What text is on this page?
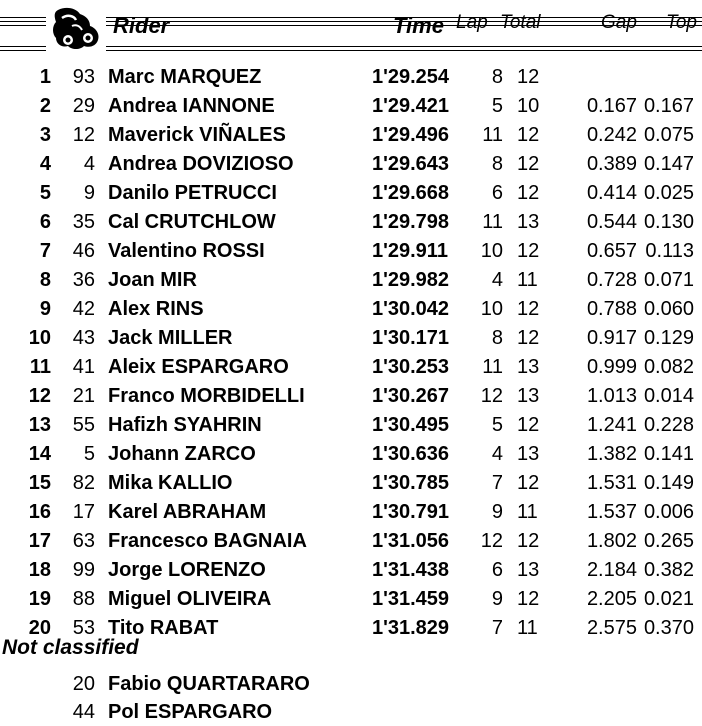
Rider	Time Lap Total	Gap Top
1 93 Marc MARQUEZ	1'29.254 8 12
2 29 Andrea IANNONE	1'29.421 5 10 0.167 0.167
3 12 Maverick VIÑALES	1'29.496 11 12 0.242 0.075
4 4 Andrea DOVIZIOSO	1'29.643 8 12 0.389 0.147
5 9 Danilo PETRUCCI	1'29.668 6 12 0.414 0.025
6 35 Cal CRUTCHLOW	1'29.798 11 13 0.544 0.130
7 46 Valentino ROSSI	1'29.911 10 12 0.657 0.113
8 36 Joan MIR	1'29.982 4 11 0.728 0.071
9 42 Alex RINS	1'30.042 10 12 0.788 0.060
10 43 Jack MILLER	1'30.171 8 12 0.917 0.129
11 41 Aleix ESPARGARO	1'30.253 11 13 0.999 0.082
12 21 Franco MORBIDELLI	1'30.267 12 13 1.013 0.014
13 55 Hafizh SYAHRIN	1'30.495 5 12 1.241 0.228
14 5 Johann ZARCO	1'30.636 4 13 1.382 0.141
15 82 Mika KALLIO	1'30.785 7 12 1.531 0.149
16 17 Karel ABRAHAM	1'30.791 9 11 1.537 0.006
17 63 Francesco BAGNAIA	1'31.056 12 12 1.802 0.265
18 99 Jorge LORENZO	1'31.438 6 13 2.184 0.382
19 88 Miguel OLIVEIRA	1'31.459 9 12 2.205 0.021
20 53 Tito RABAT	1'31.829 7 11 2.575 0.370
Not classified
20 Fabio QUARTARARO
44 Pol ESPARGARO
